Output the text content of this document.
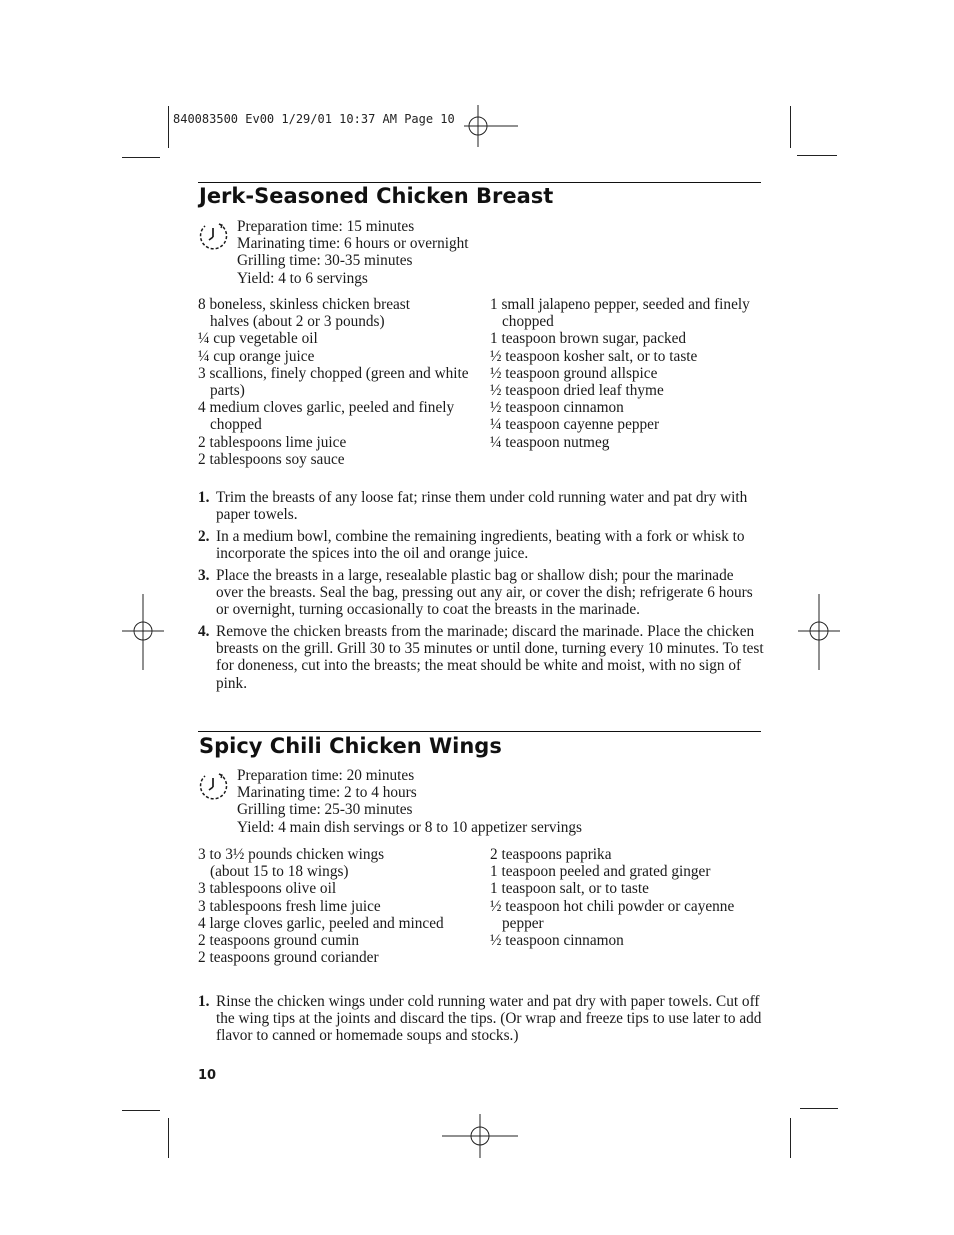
840083500 Ev00 1/29/01 10:37 AM Page 10
Jerk-Seasoned Chicken Breast
Preparation time: 15 minutes
Marinating time: 6 hours or overnight
Grilling time: 30-35 minutes
Yield: 4 to 6 servings
8 boneless, skinless chicken breast halves (about 2 or 3 pounds)
¼ cup vegetable oil
¼ cup orange juice
3 scallions, finely chopped (green and white parts)
4 medium cloves garlic, peeled and finely chopped
2 tablespoons lime juice
2 tablespoons soy sauce
1 small jalapeno pepper, seeded and finely chopped
1 teaspoon brown sugar, packed
½ teaspoon kosher salt, or to taste
½ teaspoon ground allspice
½ teaspoon dried leaf thyme
½ teaspoon cinnamon
¼ teaspoon cayenne pepper
¼ teaspoon nutmeg
1. Trim the breasts of any loose fat; rinse them under cold running water and pat dry with paper towels.
2. In a medium bowl, combine the remaining ingredients, beating with a fork or whisk to incorporate the spices into the oil and orange juice.
3. Place the breasts in a large, resealable plastic bag or shallow dish; pour the marinade over the breasts. Seal the bag, pressing out any air, or cover the dish; refrigerate 6 hours or overnight, turning occasionally to coat the breasts in the marinade.
4. Remove the chicken breasts from the marinade; discard the marinade. Place the chicken breasts on the grill. Grill 30 to 35 minutes or until done, turning every 10 minutes. To test for doneness, cut into the breasts; the meat should be white and moist, with no sign of pink.
Spicy Chili Chicken Wings
Preparation time: 20 minutes
Marinating time: 2 to 4 hours
Grilling time: 25-30 minutes
Yield: 4 main dish servings or 8 to 10 appetizer servings
3 to 3½ pounds chicken wings (about 15 to 18 wings)
3 tablespoons olive oil
3 tablespoons fresh lime juice
4 large cloves garlic, peeled and minced
2 teaspoons ground cumin
2 teaspoons ground coriander
2 teaspoons paprika
1 teaspoon peeled and grated ginger
1 teaspoon salt, or to taste
½ teaspoon hot chili powder or cayenne pepper
½ teaspoon cinnamon
1. Rinse the chicken wings under cold running water and pat dry with paper towels. Cut off the wing tips at the joints and discard the tips. (Or wrap and freeze tips to use later to add flavor to canned or homemade soups and stocks.)
10
